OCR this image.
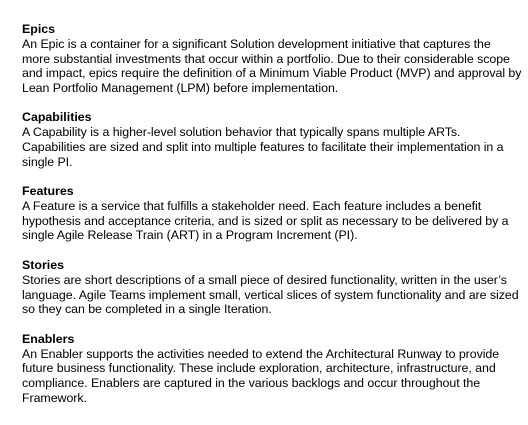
Epics

An Epic is a container for a significant Solution development initiative that captures the more substantial investments that occur within a portfolio. Due to their considerable scope and impact, epics require the definition of a Minimum Viable Product (MVP) and approval by Lean Portfolio Management (LPM) before implementation.

Capabilities

A Capability is a higher-level solution behavior that typically spans multiple ARTs. Capabilities are sized and split into multiple features to facilitate their implementation in a single PI.

Features

A Feature is a service that fulfills a stakeholder need. Each feature includes a benefit hypothesis and acceptance criteria, and is sized or split as necessary to be delivered by a single Agile Release Train (ART) in a Program Increment (PI).

Stories

Stories are short descriptions of a small piece of desired functionality, written in the user’s language. Agile Teams implement small, vertical slices of system functionality and are sized so they can be completed in a single Iteration.

Enablers

An Enabler supports the activities needed to extend the Architectural Runway to provide future business functionality. These include exploration, architecture, infrastructure, and compliance. Enablers are captured in the various backlogs and occur throughout the Framework.
